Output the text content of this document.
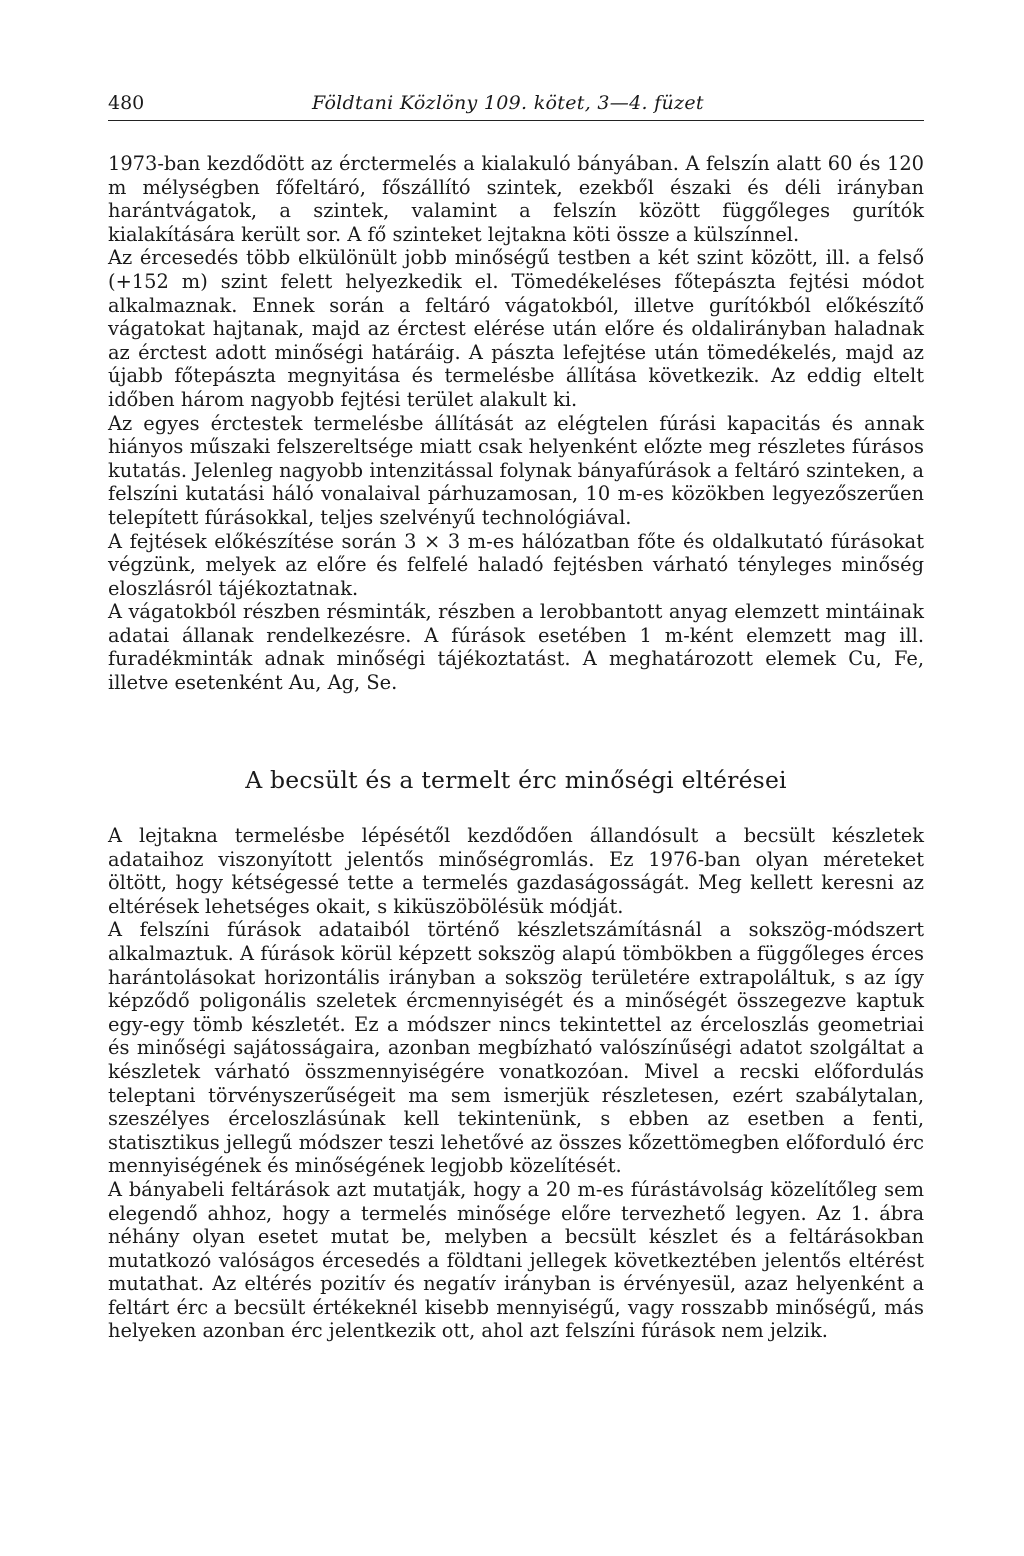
480	Földtani Közlöny 109. kötet, 3—4. füzet

1973-ban kezdődött az érctermelés a kialakuló bányában. A felszín alatt 60 és 120 m mélységben főfeltáró, főszállító szintek, ezekből északi és déli irányban harántvágatok, a szintek, valamint a felszín között függőleges gurítók kialakítására került sor. A fő szinteket lejtakna köti össze a külszínnel.

Az ércesedés több elkülönült jobb minőségű testben a két szint között, ill. a felső (+152 m) szint felett helyezkedik el. Tömedékeléses főtepászta fejtési módot alkalmaznak. Ennek során a feltáró vágatokból, illetve gurítókból előkészítő vágatokat hajtanak, majd az érctest elérése után előre és oldalirányban haladnak az érctest adott minőségi határáig. A pászta lefejtése után tömedékelés, majd az újabb főtepászta megnyitása és termelésbe állítása következik. Az eddig eltelt időben három nagyobb fejtési terület alakult ki.

Az egyes érctestek termelésbe állítását az elégtelen fúrási kapacitás és annak hiányos műszaki felszereltsége miatt csak helyenként előzte meg részletes fúrásos kutatás. Jelenleg nagyobb intenzitással folynak bányafúrások a feltáró szinteken, a felszíni kutatási háló vonalaival párhuzamosan, 10 m-es közökben legyezőszerűen telepített fúrásokkal, teljes szelvényű technológiával.

A fejtések előkészítése során 3 × 3 m-es hálózatban főte és oldalkutató fúrásokat végzünk, melyek az előre és felfelé haladó fejtésben várható tényleges minőség eloszlásról tájékoztatnak.

A vágatokból részben résminták, részben a lerobbantott anyag elemzett mintáinak adatai állanak rendelkezésre. A fúrások esetében 1 m-ként elemzett mag ill. furadékminták adnak minőségi tájékoztatást. A meghatározott elemek Cu, Fe, illetve esetenként Au, Ag, Se.

A becsült és a termelt érc minőségi eltérései

A lejtakna termelésbe lépésétől kezdődően állandósult a becsült készletek adataihoz viszonyított jelentős minőségromlás. Ez 1976-ban olyan méreteket öltött, hogy kétségessé tette a termelés gazdaságosságát. Meg kellett keresni az eltérések lehetséges okait, s kiküszöbölésük módját.

A felszíni fúrások adataiból történő készletszámításnál a sokszög-módszert alkalmaztuk. A fúrások körül képzett sokszög alapú tömbökben a függőleges érces harántolásokat horizontális irányban a sokszög területére extrapoláltuk, s az így képződő poligonális szeletek ércmennyiségét és a minőségét összegezve kaptuk egy-egy tömb készletét. Ez a módszer nincs tekintettel az érceloszlás geometriai és minőségi sajátosságaira, azonban megbízható valószínűségi adatot szolgáltat a készletek várható összmennyiségére vonatkozóan. Mivel a recski előfordulás teleptani törvényszerűségeit ma sem ismerjük részletesen, ezért szabálytalan, szeszélyes érceloszlásúnak kell tekintenünk, s ebben az esetben a fenti, statisztikus jellegű módszer teszi lehetővé az összes kőzettömegben előforduló érc mennyiségének és minőségének legjobb közelítését.

A bányabeli feltárások azt mutatják, hogy a 20 m-es fúrástávolság közelítőleg sem elegendő ahhoz, hogy a termelés minősége előre tervezhető legyen. Az 1. ábra néhány olyan esetet mutat be, melyben a becsült készlet és a feltárásokban mutatkozó valóságos ércesedés a földtani jellegek következtében jelentős eltérést mutathat. Az eltérés pozitív és negatív irányban is érvényesül, azaz helyenként a feltárt érc a becsült értékeknél kisebb mennyiségű, vagy rosszabb minőségű, más helyeken azonban érc jelentkezik ott, ahol azt felszíni fúrások nem jelzik.
